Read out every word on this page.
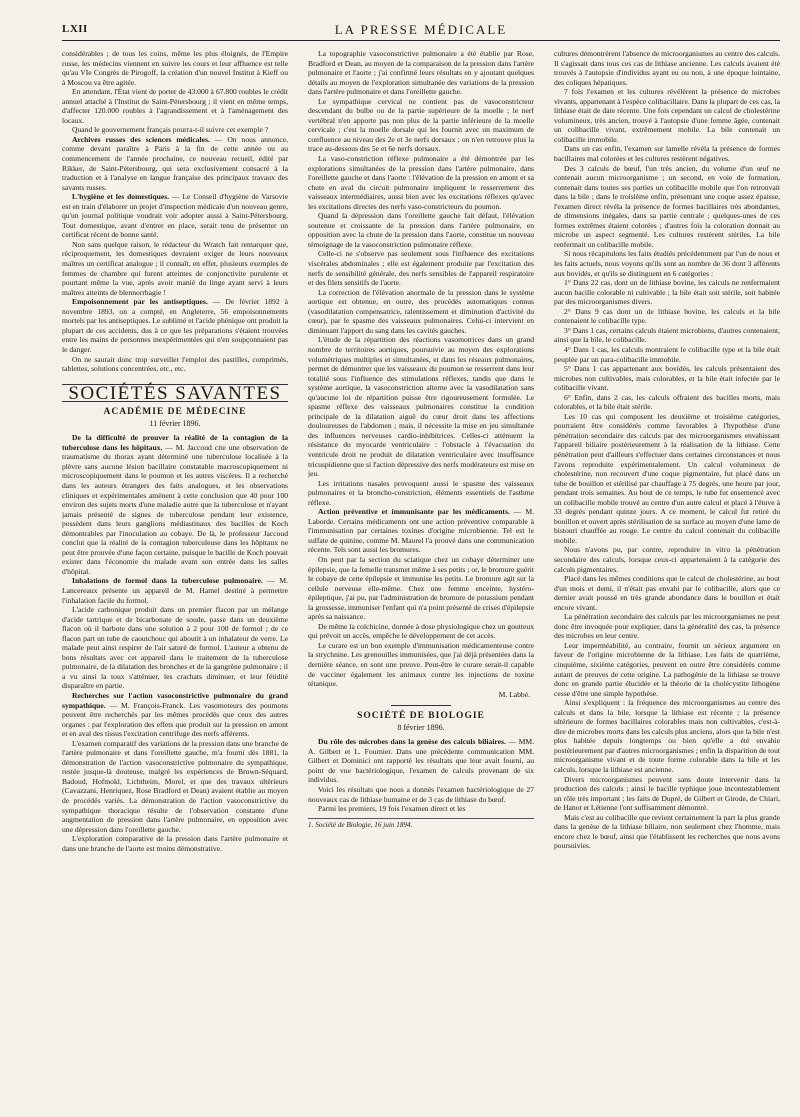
LXII	LA PRESSE MÉDICALE

considérables ; de tous les coins, même les plus éloignés, de l'Empire russe, les médecins viennent en suivre les cours et leur affluence est telle qu'au VIe Congrès de Pirogoff, la création d'un nouvel Institut à Kieff ou à Moscou va être agitée.

En attendant, l'État vient de porter de 43.000 à 67.800 roubles le crédit annuel attaché à l'Institut de Saint-Pétersbourg ; il vient en même temps, d'affecter 120.000 roubles à l'agrandissement et à l'aménagement des locaux.

Quand le gouvernement français pourra-t-il suivre cet exemple ?

Archives russes des sciences médicales. — On nous annonce, comme devant paraître à Paris à la fin de cette année ou au commencement de l'année prochaine, ce nouveau recueil, édité par Rikker, de Saint-Pétersbourg, qui sera exclusivement consacré à la traduction et à l'analyse en langue française des principaux travaux des savants russes.

L'hygiène et les domestiques. — Le Conseil d'hygiène de Varsovie est en train d'élaborer un projet d'inspection médicale d'un nouveau genre, qu'un journal politique voudrait voir adopter aussi à Saint-Pétersbourg. Tout domestique, avant d'entrer en place, serait tenu de présenter un certificat récent de bonne santé.

Non sans quelque raison, le rédacteur du Wratch fait remarquer que, réciproquement, les domestiques devraient exiger de leurs nouveaux maîtres un certificat analogue ; il connaît, en effet, plusieurs exemples de femmes de chambre qui furent atteintes de conjonctivite purulente et pourtant même la vue, après avoir manié du linge ayant servi à leurs maîtres atteints de blennorrhagie !

Empoisonnement par les antiseptiques. — De février 1892 à novembre 1893, on a compté, en Angleterre, 56 empoisonnements mortels par les antiseptiques. Le sublimé et l'acide phénique ont produit la plupart de ces accidents, dus à ce que les préparations s'étaient trouvées entre les mains de personnes inexpérimentées qui n'en soupçonnaient pas le danger.

On ne saurait donc trop surveiller l'emploi des pastilles, comprimés, tablettes, solutions concentrées, etc., etc.

SOCIÉTÉS SAVANTES
ACADÉMIE DE MÉDECINE
11 février 1896.

De la difficulté de prouver la réalité de la contagion de la tuberculose dans les hôpitaux. — M. Jaccoud cite une observation de traumatisme du thorax ayant déterminé une tuberculose localisée à la plèvre sans aucune lésion bacillaire constatable macroscopiquement ni microscopiquement dans le poumon et les autres viscères. Il a recherché dans les auteurs étrangers des faits analogues, et les observations cliniques et expérimentales amènent à cette conclusion que 40 pour 100 environ des sujets morts d'une maladie autre que la tuberculose et n'ayant jamais présenté de signes de tuberculose pendant leur existence, possèdent dans leurs ganglions médiastinaux des bacilles de Koch démontrables par l'inoculation au cobaye. De là, le professeur Jaccoud conclut que la réalité de la contagion tuberculeuse dans les hôpitaux ne peut être prouvée d'une façon certaine, puisque le bacille de Koch pouvait exister dans l'économie du malade avant son entrée dans les salles d'hôpital.

Inhalations de formol dans la tuberculose pulmonaire. — M. Lancereaux présente un appareil de M. Hamel destiné à permettre l'inhalation facile du formol.

L'acide carbonique produit dans un premier flacon par un mélange d'acide tartrique et de bicarbonate de soude, passe dans un deuxième flacon où il barbote dans une solution à 2 pour 100 de formol ; de ce flacon part un tube de caoutchouc qui aboutit à un inhalateur de verre. Le malade peut ainsi respirer de l'air saturé de formol. L'auteur a obtenu de bons résultats avec cet appareil dans le traitement de la tuberculose pulmonaire, de la dilatation des bronches et de la gangrène pulmonaire ; il a vu ainsi la toux s'atténuer, les crachats diminuer, et leur fétidité disparaître en partie.

Recherches sur l'action vasoconstrictive pulmonaire du grand sympathique. — M. François-Franck. Les vasomoteurs des poumons peuvent être recherchés par les mêmes procédés que ceux des autres organes : par l'exploration des effets que produit sur la pression en amont et en aval des tissus l'excitation centrifuge des nerfs afférents.

L'examen comparatif des variations de la pression dans une branche de l'artère pulmonaire et dans l'oreillette gauche, m'a fourni dès 1881, la démonstration de l'action vasoconstrictive pulmonaire du sympathique, restée jusque-là douteuse, malgré les expériences de Brown-Séquard, Badoud, Hofmokl, Lichtheim, Morel, et que des travaux ultérieurs (Cavazzani, Henriquez, Rose Bradford et Dean) avaient établie au moyen de procédés variés. La démonstration de l'action vasoconstrictive du sympathique thoracique résulte de l'observation constante d'une augmentation de pression dans l'artère pulmonaire, en opposition avec une dépression dans l'oreillette gauche.

L'exploration comparative de la pression dans l'artère pulmonaire et dans une branche de l'aorte est moins démonstrative.

La topographie vasoconstrictive pulmonaire a été établie par Rose, Bradford et Dean, au moyen de la comparaison de la pression dans l'artère pulmonaire et l'aorte ; j'ai confirmé leurs résultats en y ajoutant quelques détails au moyen de l'exploration simultanée des variations de la pression dans l'artère pulmonaire et dans l'oreillette gauche.

Le sympathique cervical ne contient pas de vasoconstricteur descendant du bulbe ou de la partie supérieure de la moelle ; le nerf vertébral n'en apporte pas non plus de la partie inférieure de la moelle cervicale ; c'est la moelle dorsale qui les fournit avec un maximum de confluence au niveau des 2e et 3e nerfs dorsaux ; on n'en retrouve plus la trace au-dessous des 5e et 6e nerfs dorsaux.

La vaso-constriction réflexe pulmonaire a été démontrée par les explorations simultanées de la pression dans l'artère pulmonaire, dans l'oreillette gauche et dans l'aorte : l'élévation de la pression en amont et sa chute en aval du circuit pulmonaire impliquent le resserrement des vaisseaux intermédiaires, aussi bien avec les excitations réflexes qu'avec les excitations directes des nerfs vaso-constricteurs du poumon.

Quand la dépression dans l'oreillette gauche fait défaut, l'élévation soutenue et croissante de la pression dans l'artère pulmonaire, en opposition avec la chute de la pression dans l'aorte, constitue un nouveau témoignage de la vasoconstriction pulmonaire réflexe.

Celle-ci ne s'observe pas seulement sous l'influence des excitations viscérales abdominales ; elle est également produite par l'excitation des nerfs de sensibilité générale, des nerfs sensibles de l'appareil respiratoire et des filets sensitifs de l'aorte.

La correction de l'élévation anormale de la pression dans le système aortique est obtenue, en outre, des procédés automatiques connus (vasodilatation compensatrice, ralentissement et diminution d'activité du cœur), par le spasme des vaisseaux pulmonaires. Celui-ci intervient en diminuant l'apport du sang dans les cavités gauches.

L'étude de la répartition des réactions vasomotrices dans un grand nombre de territoires aortiques, poursuivie au moyen des explorations volumétriques multiples et simultanées, et dans les réseaux pulmonaires, permet de démontrer que les vaisseaux du poumon se resserrent dans leur totalité sous l'influence des stimulations réflexes, tandis que dans le système aortique, la vasoconstriction alterne avec la vasodilatation sans qu'aucune loi de répartition puisse être rigoureusement formulée. Le spasme réflexe des vaisseaux pulmonaires constitue la condition principale de la dilatation aiguë du cœur droit dans les affections douloureuses de l'abdomen ; mais, il nécessite la mise en jeu simultanée des influences nerveuses cardio-inhibitrices. Celles-ci atténuent la résistance du myocarde ventriculaire : l'obstacle à l'évacuation du ventricule droit ne produit de dilatation ventriculaire avec insuffisance tricuspidienne que si l'action dépressive des nerfs modérateurs est mise en jeu.

Les irritations nasales provoquent aussi le spasme des vaisseaux pulmonaires et la broncho-constriction, éléments essentiels de l'asthme réflexe.

Action préventive et immunisante par les médicaments. — M. Laborde. Certains médicaments ont une action préventive comparable à l'immunisation par certaines toxines d'origine microbienne. Tel est le sulfate de quinine, comme M. Maurel l'a prouvé dans une communication récente. Tels sont aussi les bromures.

On peut par la section du sciatique chez un cobaye déterminer une épilepsie, que la femelle transmet même à ses petits ; or, le bromure guérit le cobaye de cette épilepsie et immunise les petits. Le bromure agit sur la cellule nerveuse elle-même. Chez une femme enceinte, hystéro-épileptique, j'ai pu, par l'administration de bromure de potassium pendant la grossesse, immuniser l'enfant qui n'a point présenté de crises d'épilepsie après sa naissance.

De même la colchicine, donnée à dose physiologique chez un goutteux qui prévoit un accès, empêche le développement de cet accès.

Le curare est un bon exemple d'immunisation médicamenteuse contre la strychnine. Les grenouilles immunisées, que j'ai déjà présentées dans la dernière séance, en sont une preuve. Peut-être le curare serait-il capable de vacciner également les animaux contre les injections de toxine tétanique.

M. Labbé.
SOCIÉTÉ DE BIOLOGIE
8 février 1896.

Du rôle des microbes dans la genèse des calculs biliaires. — MM. A. Gilbert et L. Fournier. Dans une précédente communication MM. Gilbert et Dominici ont rapporté les résultats que leur avait fourni, au point de vue bactériologique, l'examen de calculs provenant de six individus.

Voici les résultats que nous a donnés l'examen bactériologique de 27 nouveaux cas de lithiase humaine et de 3 cas de lithiase du bœuf.

Parmi les premiers, 19 fois l'examen direct et les

1. Société de Biologie, 16 juin 1894.

cultures démontrèrent l'absence de microorganismes au centre des calculs. Il s'agissait dans tous ces cas de lithiase ancienne. Les calculs avaient été trouvés à l'autopsie d'individus ayant eu ou non, à une époque lointaine, des coliques hépatiques.

7 fois l'examen et les cultures révélèrent la présence de microbes vivants, appartenant à l'espèce colibacillaire. Dans la plupart de ces cas, la lithiase était de date récente. Une fois cependant un calcul de cholestérine volumineux, très ancien, trouvé à l'autopsie d'une femme âgée, contenait un colibacille vivant, extrêmement mobile. La bile contenait un colibacille immobile.

Dans un cas enfin, l'examen sur lamelle révéla la présence de formes bacillaires mal colorées et les cultures restèrent négatives.

Des 3 calculs de bœuf, l'un très ancien, du volume d'un œuf ne contenait aucun microorganisme ; un second, en voie de formation, contenait dans toutes ses parties un colibacille mobile que l'on retrouvait dans la bile ; dans le troisième enfin, présentant une coque assez épaisse, l'examen direct révéla la présence de formes bacillaires très abondantes, de dimensions inégales, dans sa partie centrale ; quelques-unes de ces formes extrêmes étaient colorées ; d'autres fois la coloration donnait au microbe un aspect segmenté. Les cultures restèrent stériles. La bile renfermait un colibacille mobile.

Si nous récapitulons les faits étudiés précédemment par l'un de nous et les faits actuels, nous voyons qu'ils sont au nombre de 36 dont 3 afférents aux bovidés, et qu'ils se distinguent en 6 catégories :

1° Dans 22 cas, dont un de lithiase bovine, les calculs ne renfermaient aucun bacille colorable ni cultivable ; la bile était soit stérile, soit habitée par des microorganismes divers.

2° Dans 9 cas dont un de lithiase bovine, les calculs et la bile contenaient le colibacille type.

3° Dans 1 cas, certains calculs étaient microbiens, d'autres contenaient, ainsi que la bile, le colibacille.

4° Dans 1 cas, les calculs montraient le colibacille type et la bile était peuplée par un para-colibacille immobile.

5° Dans 1 cas appartenant aux bovidés, les calculs présentaient des microbes non cultivables, mais colorables, et la bile était infectée par le colibacille vivant.

6° Enfin, dans 2 cas, les calculs offraient des bacilles morts, mais colorables, et la bile était stérile.

Les 10 cas qui composent les deuxième et troisième catégories, pourraient être considérés comme favorables à l'hypothèse d'une pénétration secondaire des calculs par des microorganismes envahissant l'appareil biliaire postérieurement à la réalisation de la lithiase. Cette pénétration peut d'ailleurs s'effectuer dans certaines circonstances et nous l'avons reproduite expérimentalement. Un calcul volumineux de cholestérine, non recouvert d'une coque pigmentaire, fut placé dans un tube de bouillon et stérilisé par chauffage à 75 degrés, une heure par jour, pendant trois semaines. Au bout de ce temps, le tube fut ensemencé avec un colibacille mobile trouvé au centre d'un autre calcul et placé à l'étuve à 33 degrés pendant quinze jours. A ce moment, le calcul fut retiré du bouillon et ouvert après stérilisation de sa surface au moyen d'une lame de bistouri chauffée au rouge. Le centre du calcul contenait du colibacille mobile.

Nous n'avons pu, par contre, reproduire in vitro la pénétration secondaire des calculs, lorsque ceux-ci appartenaient à la catégorie des calculs pigmentaires.

Placé dans les mêmes conditions que le calcul de cholestérine, au bout d'un mois et demi, il n'était pas envahi par le colibacille, alors que ce dernier avait poussé en très grande abondance dans le bouillon et était encore vivant.

La pénétration secondaire des calculs par les microorganismes ne peut donc être invoquée pour expliquer, dans la généralité des cas, la présence des microbes en leur centre.

Leur imperméabilité, au contraire, fournit un sérieux argument en faveur de l'origine microbienne de la lithiase. Les faits de quatrième, cinquième, sixième catégories, peuvent en outre être considérés comme autant de preuves de cette origine. La pathogénie de la lithiase se trouve donc en grande partie élucidée et la théorie de la cholécystite lithogène cesse d'être une simple hypothèse.

Ainsi s'expliquent : la fréquence des microorganismes au centre des calculs et dans la bile, lorsque la lithiase est récente ; la présence ultérieure de formes bacillaires colorables mais non cultivables, c'est-à-dire de microbes morts dans les calculs plus anciens, alors que la bile n'est plus habitée depuis longtemps ou bien qu'elle a été envahie postérieurement par d'autres microorganismes ; enfin la disparition de tout microorganisme vivant et de toute forme colorable dans la bile et les calculs, lorsque la lithiase est ancienne.

Divers microorganismes peuvent sans doute intervenir dans la production des calculs ; ainsi le bacille typhique joue incontestablement un rôle très important ; les faits de Dupré, de Gilbert et Girode, de Chiari, de Hanot et Létienne l'ont suffisamment démontré.

Mais c'est au colibacille que revient certainement la part la plus grande dans la genèse de la lithiase biliaire, non seulement chez l'homme, mais encore chez le bœuf, ainsi que l'établissent les recherches que nous avons poursuivies.
